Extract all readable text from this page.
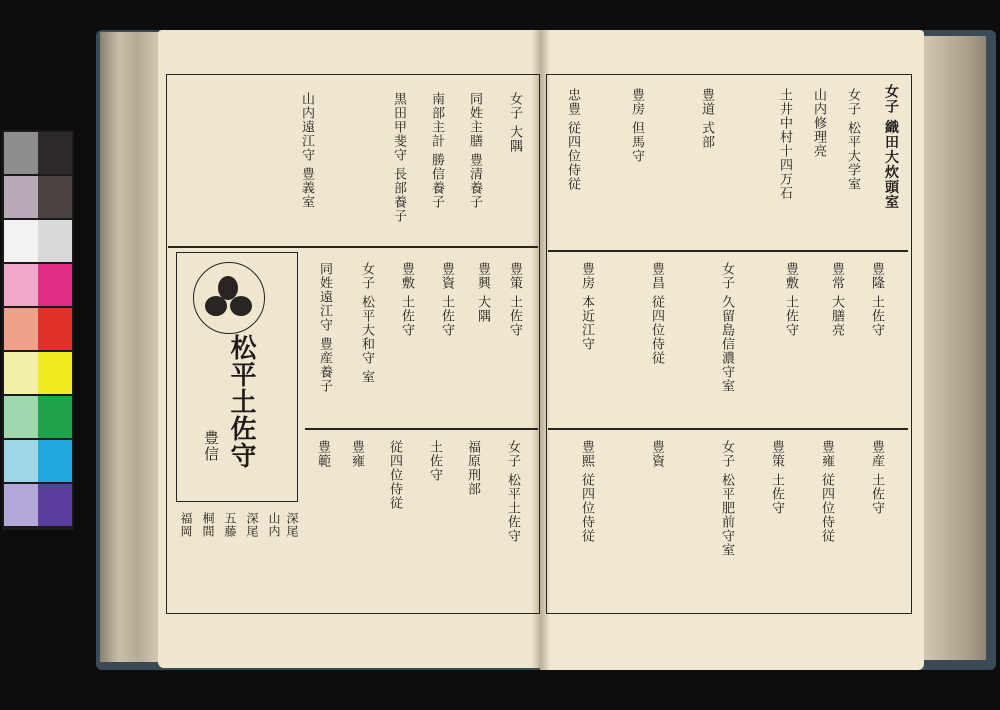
松平土佐守
豊信
女子 大隅
同姓主膳 豊清養子
南部主計 勝信養子
黒田甲斐守 長部養子
山内遠江守 豊義室
豊策 土佐守
豊興 大隅
豊資 土佐守
豊敷 土佐守
女子 松平大和守 室
同姓遠江守 豊産養子
女子 松平土佐守
福原刑部
土佐守
従四位侍従
豊雍
豊範
福岡 桐間 五藤 深尾 山内 深尾
女子 織田大炊頭室
女子 松平大学室
山内修理亮
土井中村十四万石
豊道 式部
豊房 但馬守
忠豊 従四位侍従
豊隆 土佐守
豊常 大膳亮
豊敷 土佐守
女子 久留島信濃守室
豊昌 従四位侍従
豊房 本近江守
豊産 土佐守
豊雍 従四位侍従
豊策 土佐守
女子 松平肥前守室
豊資
豊熙 従四位侍従
